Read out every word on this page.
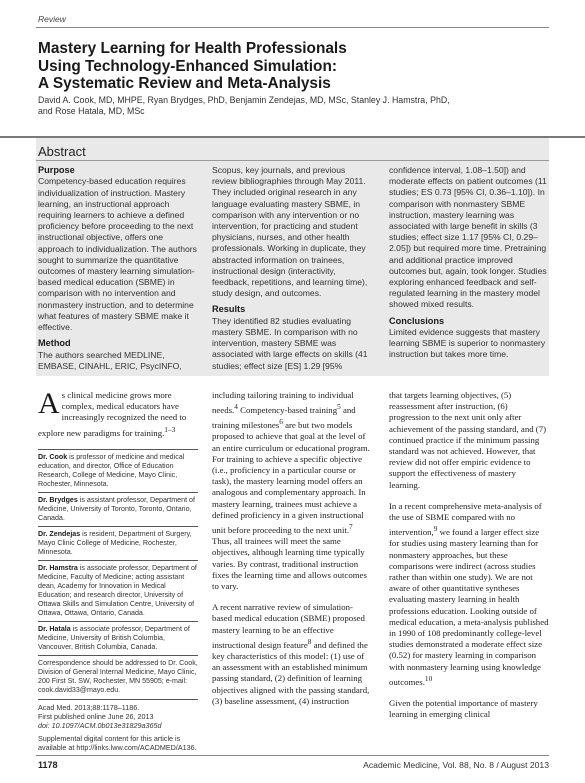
Review
Mastery Learning for Health Professionals
Using Technology-Enhanced Simulation:
A Systematic Review and Meta-Analysis
David A. Cook, MD, MHPE, Ryan Brydges, PhD, Benjamin Zendejas, MD, MSc, Stanley J. Hamstra, PhD, and Rose Hatala, MD, MSc
Abstract
Purpose

Competency-based education requires individualization of instruction. Mastery learning, an instructional approach requiring learners to achieve a defined proficiency before proceeding to the next instructional objective, offers one approach to individualization. The authors sought to summarize the quantitative outcomes of mastery learning simulation-based medical education (SBME) in comparison with no intervention and nonmastery instruction, and to determine what features of mastery SBME make it effective.

Method

The authors searched MEDLINE, EMBASE, CINAHL, ERIC, PsycINFO,

Scopus, key journals, and previous review bibliographies through May 2011. They included original research in any language evaluating mastery SBME, in comparison with any intervention or no intervention, for practicing and student physicians, nurses, and other health professionals. Working in duplicate, they abstracted information on trainees, instructional design (interactivity, feedback, repetitions, and learning time), study design, and outcomes.

Results

They identified 82 studies evaluating mastery SBME. In comparison with no intervention, mastery SBME was associated with large effects on skills (41 studies; effect size [ES] 1.29 [95%

confidence interval, 1.08–1.50]) and moderate effects on patient outcomes (11 studies; ES 0.73 [95% CI, 0.36–1.10]). In comparison with nonmastery SBME instruction, mastery learning was associated with large benefit in skills (3 studies; effect size 1.17 [95% CI, 0.29–2.05]) but required more time. Pretraining and additional practice improved outcomes but, again, took longer. Studies exploring enhanced feedback and self-regulated learning in the mastery model showed mixed results.

Conclusions

Limited evidence suggests that mastery learning SBME is superior to nonmastery instruction but takes more time.

As clinical medicine grows more complex, medical educators have increasingly recognized the need to explore new paradigms for training.$^{1-3}$

Dr. Cook is professor of medicine and medical education, and director, Office of Education Research, College of Medicine, Mayo Clinic, Rochester, Minnesota.
Dr. Brydges is assistant professor, Department of Medicine, University of Toronto, Toronto, Ontario, Canada.
Dr. Zendejas is resident, Department of Surgery, Mayo Clinic College of Medicine, Rochester, Minnesota.
Dr. Hamstra is associate professor, Department of Medicine, Faculty of Medicine; acting assistant dean, Academy for Innovation in Medical Education; and research director, University of Ottawa Skills and Simulation Centre, University of Ottawa, Ottawa, Ontario, Canada.
Dr. Hatala is associate professor, Department of Medicine, University of British Columbia, Vancouver, British Columbia, Canada.
Correspondence should be addressed to Dr. Cook, Division of General Internal Medicine, Mayo Clinic, 200 First St. SW, Rochester, MN 55905; e-mail: cook.david33@mayo.edu.
Acad Med. 2013;88:1178–1186.
First published online June 26, 2013
doi: 10.1097/ACM.0b013e31829a365d
Supplemental digital content for this article is available at http://links.lww.com/ACADMED/A136.

including tailoring training to individual needs.$^4$ Competency-based training$^5$ and training milestones$^6$ are but two models proposed to achieve that goal at the level of an entire curriculum or educational program. For training to achieve a specific objective (i.e., proficiency in a particular course or task), the mastery learning model offers an analogous and complementary approach. In mastery learning, trainees must achieve a defined proficiency in a given instructional unit before proceeding to the next unit.$^7$ Thus, all trainees will meet the same objectives, although learning time typically varies. By contrast, traditional instruction fixes the learning time and allows outcomes to vary.

A recent narrative review of simulation-based medical education (SBME) proposed mastery learning to be an effective instructional design feature$^8$ and defined the key characteristics of this model: (1) use of an assessment with an established minimum passing standard, (2) definition of learning objectives aligned with the passing standard, (3) baseline assessment, (4) instruction

that targets learning objectives, (5) reassessment after instruction, (6) progression to the next unit only after achievement of the passing standard, and (7) continued practice if the minimum passing standard was not achieved. However, that review did not offer empiric evidence to support the effectiveness of mastery learning.

In a recent comprehensive meta-analysis of the use of SBME compared with no intervention,$^9$ we found a larger effect size for studies using mastery learning than for nonmastery approaches, but these comparisons were indirect (across studies rather than within one study). We are not aware of other quantitative syntheses evaluating mastery learning in health professions education. Looking outside of medical education, a meta-analysis published in 1990 of 108 predominantly college-level studies demonstrated a moderate effect size (0.52) for mastery learning in comparison with nonmastery learning using knowledge outcomes.$^{10}$

Given the potential importance of mastery learning in emerging clinical

1178	Academic Medicine, Vol. 88, No. 8 / August 2013
